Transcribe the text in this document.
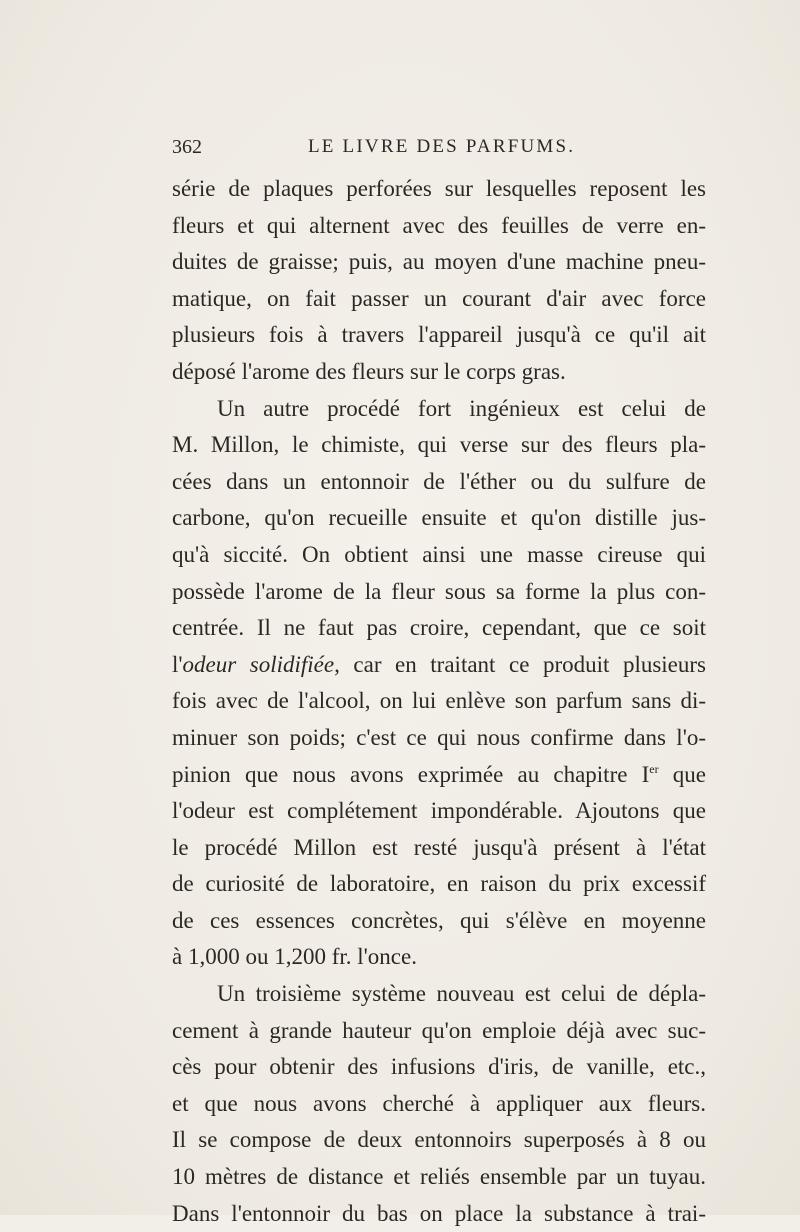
362	LE LIVRE DES PARFUMS.
série de plaques perforées sur lesquelles reposent les
fleurs et qui alternent avec des feuilles de verre en-
duites de graisse; puis, au moyen d'une machine pneu-
matique, on fait passer un courant d'air avec force
plusieurs fois à travers l'appareil jusqu'à ce qu'il ait
déposé l'arome des fleurs sur le corps gras.
Un autre procédé fort ingénieux est celui de
M. Millon, le chimiste, qui verse sur des fleurs pla-
cées dans un entonnoir de l'éther ou du sulfure de
carbone, qu'on recueille ensuite et qu'on distille jus-
qu'à siccité. On obtient ainsi une masse cireuse qui
possède l'arome de la fleur sous sa forme la plus con-
centrée. Il ne faut pas croire, cependant, que ce soit
l'odeur solidifiée, car en traitant ce produit plusieurs
fois avec de l'alcool, on lui enlève son parfum sans di-
minuer son poids; c'est ce qui nous confirme dans l'o-
pinion que nous avons exprimée au chapitre Ier que
l'odeur est complétement impondérable. Ajoutons que
le procédé Millon est resté jusqu'à présent à l'état
de curiosité de laboratoire, en raison du prix excessif
de ces essences concrètes, qui s'élève en moyenne
à 1,000 ou 1,200 fr. l'once.
Un troisième système nouveau est celui de dépla-
cement à grande hauteur qu'on emploie déjà avec suc-
cès pour obtenir des infusions d'iris, de vanille, etc.,
et que nous avons cherché à appliquer aux fleurs.
Il se compose de deux entonnoirs superposés à 8 ou
10 mètres de distance et reliés ensemble par un tuyau.
Dans l'entonnoir du bas on place la substance à trai-
